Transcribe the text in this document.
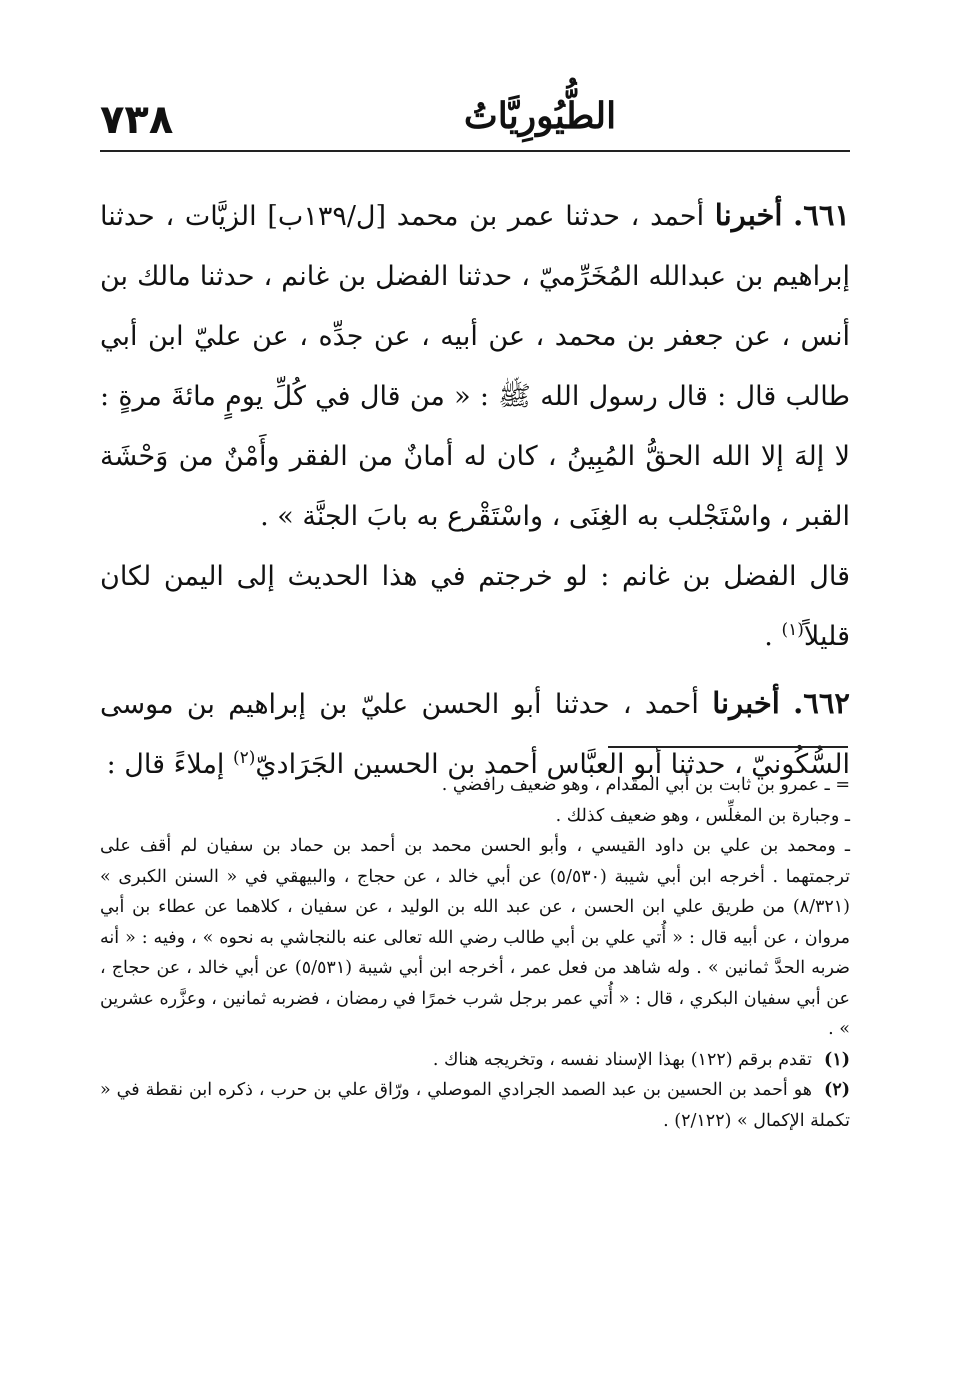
٧٣٨	الطُّيُورِيَّاتُ

٦٦١. أخبرنا أحمد ، حدثنا عمر بن محمد [ل/١٣٩ب] الزيَّات ، حدثنا إبراهيم بن عبدالله المُخَرِّميّ ، حدثنا الفضل بن غانم ، حدثنا مالك بن أنس ، عن جعفر بن محمد ، عن أبيه ، عن جدِّه ، عن عليّ ابن أبي طالب قال : قال رسول الله ﷺ : « من قال في كُلِّ يومٍ مائةَ مرةٍ : لا إلهَ إلا الله الحقُّ المُبِينُ ، كان له أمانٌ من الفقر وأَمْنٌ من وَحْشَة القبر ، واسْتَجْلب به الغِنَى ، واسْتَقْرع به بابَ الجنَّة » .

قال الفضل بن غانم : لو خرجتم في هذا الحديث إلى اليمن لكان قليلاً$^{(١)}$ .

٦٦٢. أخبرنا أحمد ، حدثنا أبو الحسن عليّ بن إبراهيم بن موسى السُّكُونيّ ، حدثنا أبو العبَّاس أحمد بن الحسين الجَرَاديّ$^{(٢)}$ إملاءً قال :

= ـ عمرو بن ثابت بن أبي المقدام ، وهو ضعيف رافضي .

ـ وجبارة بن المغلِّس ، وهو ضعيف كذلك .

ـ ومحمد بن علي بن داود القيسي ، وأبو الحسن محمد بن أحمد بن حماد بن سفيان لم أقف على ترجمتهما . أخرجه ابن أبي شيبة (٥/٥٣٠) عن أبي خالد ، عن حجاج ، والبيهقي في « السنن الكبرى » (٨/٣٢١) من طريق علي ابن الحسن ، عن عبد الله بن الوليد ، عن سفيان ، كلاهما عن عطاء بن أبي مروان ، عن أبيه قال : « أُتي علي بن أبي طالب رضي الله تعالى عنه بالنجاشي به نحوه » ، وفيه : « أنه ضربه الحدَّ ثمانين » . وله شاهد من فعل عمر ، أخرجه ابن أبي شيبة (٥/٥٣١) عن أبي خالد ، عن حجاج ، عن أبي سفيان البكري ، قال : « أُتي عمر برجل شرب خمرًا في رمضان ، فضربه ثمانين ، وعزَّره عشرين » .

(١)تقدم برقم (١٢٢) بهذا الإسناد نفسه ، وتخريجه هناك .

(٢)هو أحمد بن الحسين بن عبد الصمد الجرادي الموصلي ، ورّاق علي بن حرب ، ذكره ابن نقطة في « تكملة الإكمال » (٢/١٢٢) .
